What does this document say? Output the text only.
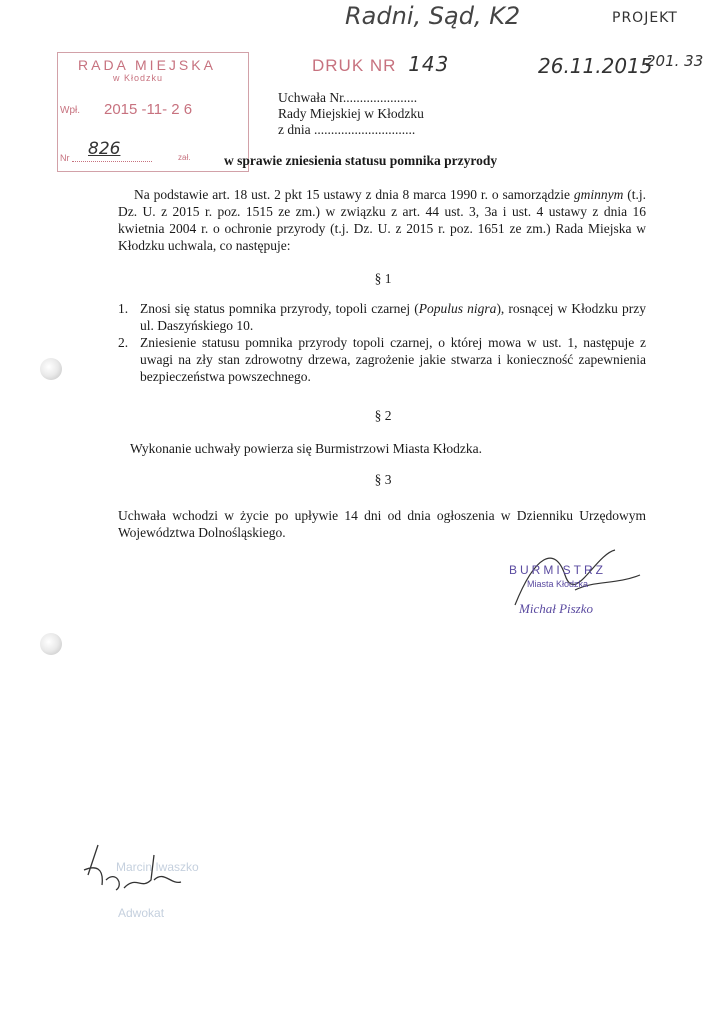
Radni, Sąd, K2	PROJEKT
26.11.2015
201. 33
RADA MIEJSKA
w Kłodzku
Wpł. 2015 -11- 2 6
Nr 826	zał.
DRUK NR 143
Uchwała Nr......................
Rady Miejskiej w Kłodzku
z dnia ..............................
w sprawie zniesienia statusu pomnika przyrody
Na podstawie art. 18 ust. 2 pkt 15 ustawy z dnia 8 marca 1990 r. o samorządzie gminnym (t.j. Dz. U. z 2015 r. poz. 1515 ze zm.) w związku z art. 44 ust. 3, 3a i ust. 4 ustawy z dnia 16 kwietnia 2004 r. o ochronie przyrody (t.j. Dz. U. z 2015 r. poz. 1651 ze zm.) Rada Miejska w Kłodzku uchwala, co następuje:
§ 1
1. Znosi się status pomnika przyrody, topoli czarnej (Populus nigra), rosnącej w Kłodzku przy ul. Daszyńskiego 10.
2. Zniesienie statusu pomnika przyrody topoli czarnej, o której mowa w ust. 1, następuje z uwagi na zły stan zdrowotny drzewa, zagrożenie jakie stwarza i konieczność zapewnienia bezpieczeństwa powszechnego.
§ 2
Wykonanie uchwały powierza się Burmistrzowi Miasta Kłodzka.
§ 3
Uchwała wchodzi w życie po upływie 14 dni od dnia ogłoszenia w Dzienniku Urzędowym Województwa Dolnośląskiego.
BURMISTRZ
Miasta Kłodzka
Michał Piszko
Marcin Iwaszko
Adwokat
